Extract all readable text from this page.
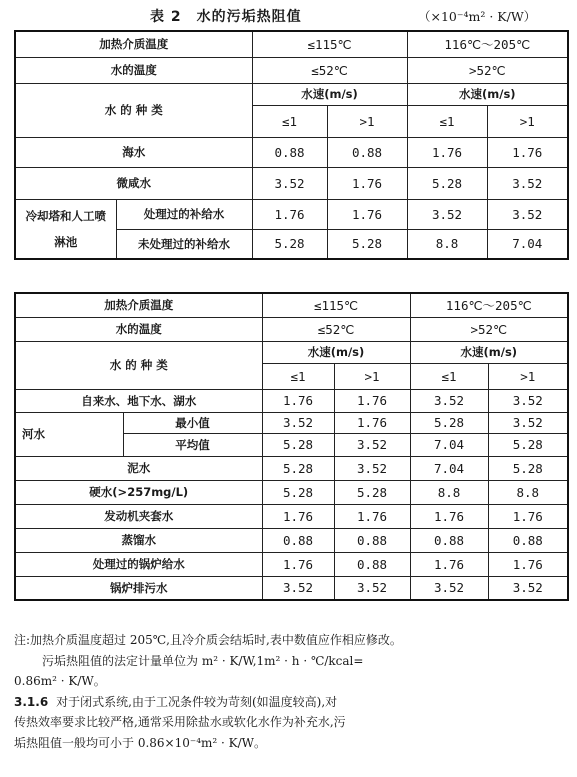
表 2　水的污垢热阻值	（×10⁻⁴m² · K/W）
加热介质温度		≤115℃		116℃～205℃	
水的温度		≤52℃		>52℃	
水 的 种 类		水速(m/s)		水速(m/s)	
		≤1	>1	≤1	>1
海水		0.88	0.88	1.76	1.76
微咸水		3.52	1.76	5.28	3.52
冷却塔和人工喷淋池	处理过的补给水	1.76	1.76	3.52	3.52
	未处理过的补给水	5.28	5.28	8.8	7.04
加热介质温度		≤115℃		116℃～205℃	
水的温度		≤52℃		>52℃	
水 的 种 类		水速(m/s)		水速(m/s)	
		≤1	>1	≤1	>1
自来水、地下水、湖水		1.76	1.76	3.52	3.52
河水	最小值	3.52	1.76	5.28	3.52
	平均值	5.28	3.52	7.04	5.28
泥水		5.28	3.52	7.04	5.28
硬水(>257mg/L)		5.28	5.28	8.8	8.8
发动机夹套水		1.76	1.76	1.76	1.76
蒸馏水		0.88	0.88	0.88	0.88
处理过的锅炉给水		1.76	0.88	1.76	1.76
锅炉排污水		3.52	3.52	3.52	3.52

注:加热介质温度超过 205℃,且冷介质会结垢时,表中数值应作相应修改。

污垢热阻值的法定计量单位为 m² · K/W,1m² · h · ℃/kcal=

0.86m² · K/W。

3.1.6 对于闭式系统,由于工况条件较为苛刻(如温度较高),对

传热效率要求比较严格,通常采用除盐水或软化水作为补充水,污

垢热阻值一般均可小于 0.86×10⁻⁴m² · K/W。
